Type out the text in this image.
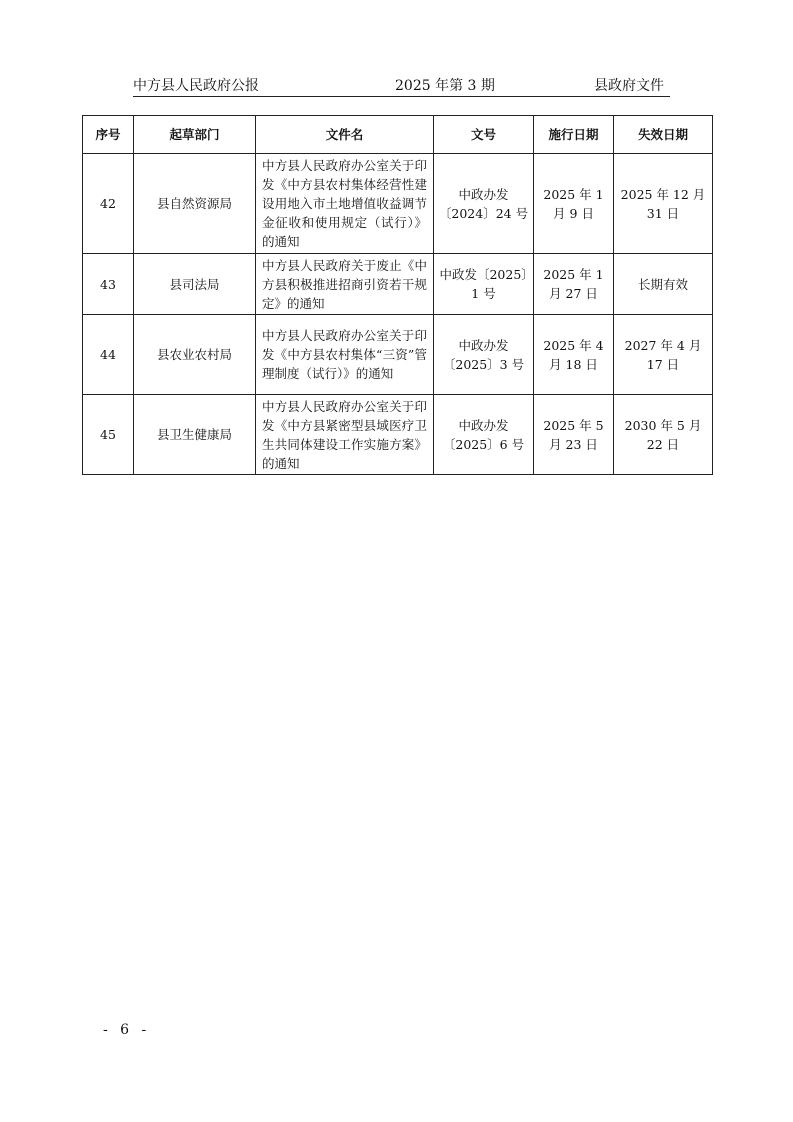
中方县人民政府公报	2025 年第 3 期	县政府文件
序号	起草部门	文件名	文号	施行日期	失效日期
42	县自然资源局	中方县人民政府办公室关于印发《中方县农村集体经营性建设用地入市土地增值收益调节金征收和使用规定（试行）》的通知	中政办发〔2024〕24 号	2025 年 1 月 9 日	2025 年 12 月 31 日
43	县司法局	中方县人民政府关于废止《中方县积极推进招商引资若干规定》的通知	中政发〔2025〕1 号	2025 年 1 月 27 日	长期有效
44	县农业农村局	中方县人民政府办公室关于印发《中方县农村集体“三资”管理制度（试行）》的通知	中政办发〔2025〕3 号	2025 年 4 月 18 日	2027 年 4 月 17 日
45	县卫生健康局	中方县人民政府办公室关于印发《中方县紧密型县域医疗卫生共同体建设工作实施方案》的通知	中政办发〔2025〕6 号	2025 年 5 月 23 日	2030 年 5 月 22 日
- 6 -
